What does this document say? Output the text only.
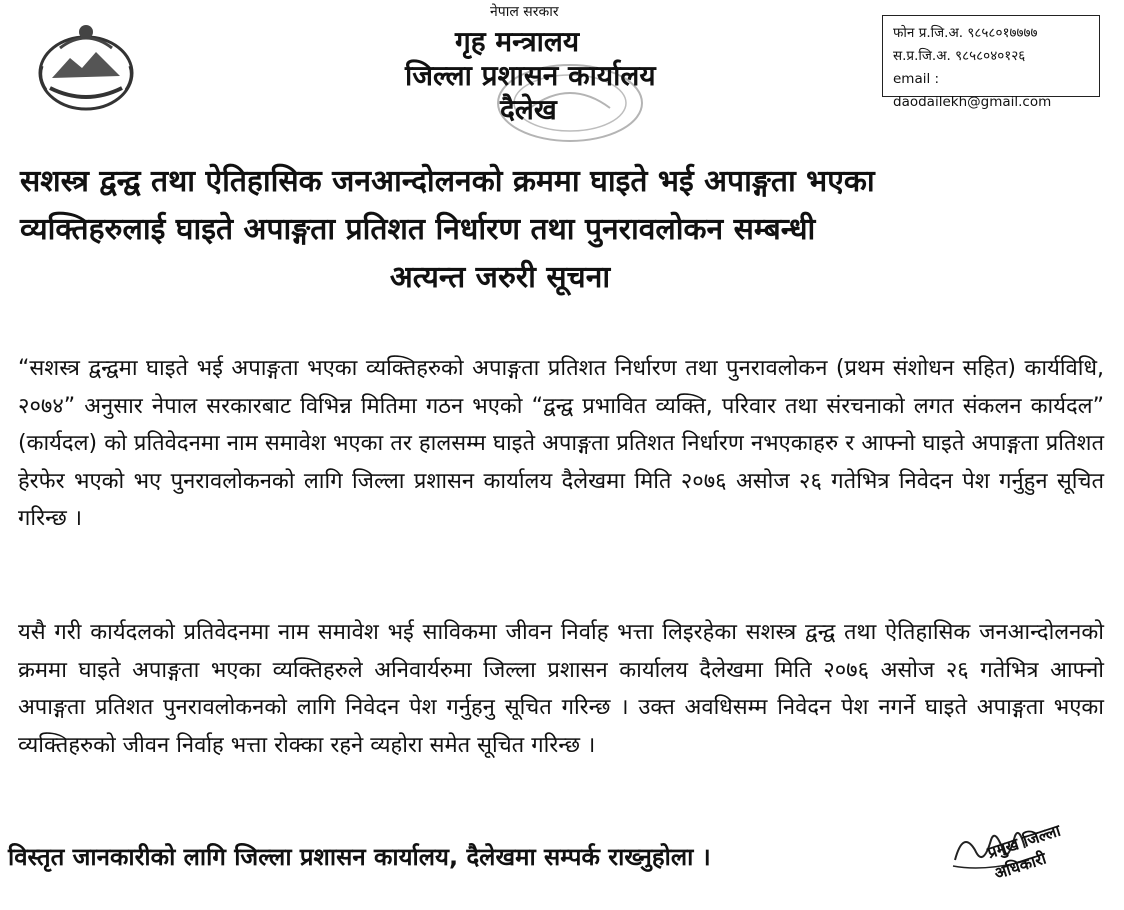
नेपाल सरकार
गृह मन्त्रालय
जिल्ला प्रशासन कार्यालय
दैलेख
फोन प्र.जि.अ. ९८५८०१७७७७
स.प्र.जि.अ. ९८५८०४०१२६
email : daodailekh@gmail.com
सशस्त्र द्वन्द्व तथा ऐतिहासिक जनआन्दोलनको क्रममा घाइते भई अपाङ्गता भएका
व्यक्तिहरुलाई घाइते अपाङ्गता प्रतिशत निर्धारण तथा पुनरावलोकन सम्बन्धी
अत्यन्त जरुरी सूचना
“सशस्त्र द्वन्द्वमा घाइते भई अपाङ्गता भएका व्यक्तिहरुको अपाङ्गता प्रतिशत निर्धारण तथा पुनरावलोकन (प्रथम संशोधन सहित) कार्यविधि, २०७४” अनुसार नेपाल सरकारबाट विभिन्न मितिमा गठन भएको “द्वन्द्व प्रभावित व्यक्ति, परिवार तथा संरचनाको लगत संकलन कार्यदल” (कार्यदल) को प्रतिवेदनमा नाम समावेश भएका तर हालसम्म घाइते अपाङ्गता प्रतिशत निर्धारण नभएकाहरु र आफ्नो घाइते अपाङ्गता प्रतिशत हेरफेर भएको भए पुनरावलोकनको लागि जिल्ला प्रशासन कार्यालय दैलेखमा मिति २०७६ असोज २६ गतेभित्र निवेदन पेश गर्नुहुन सूचित गरिन्छ ।
यसै गरी कार्यदलको प्रतिवेदनमा नाम समावेश भई साविकमा जीवन निर्वाह भत्ता लिइरहेका सशस्त्र द्वन्द्व तथा ऐतिहासिक जनआन्दोलनको क्रममा घाइते अपाङ्गता भएका व्यक्तिहरुले अनिवार्यरुमा जिल्ला प्रशासन कार्यालय दैलेखमा मिति २०७६ असोज २६ गतेभित्र आफ्नो अपाङ्गता प्रतिशत पुनरावलोकनको लागि निवेदन पेश गर्नुहनु सूचित गरिन्छ । उक्त अवधिसम्म निवेदन पेश नगर्ने घाइते अपाङ्गता भएका व्यक्तिहरुको जीवन निर्वाह भत्ता रोक्का रहने व्यहोरा समेत सूचित गरिन्छ ।
विस्तृत जानकारीको लागि जिल्ला प्रशासन कार्यालय, दैलेखमा सम्पर्क राख्नुहोला ।	प्रमुख जिल्ला अधिकारी
